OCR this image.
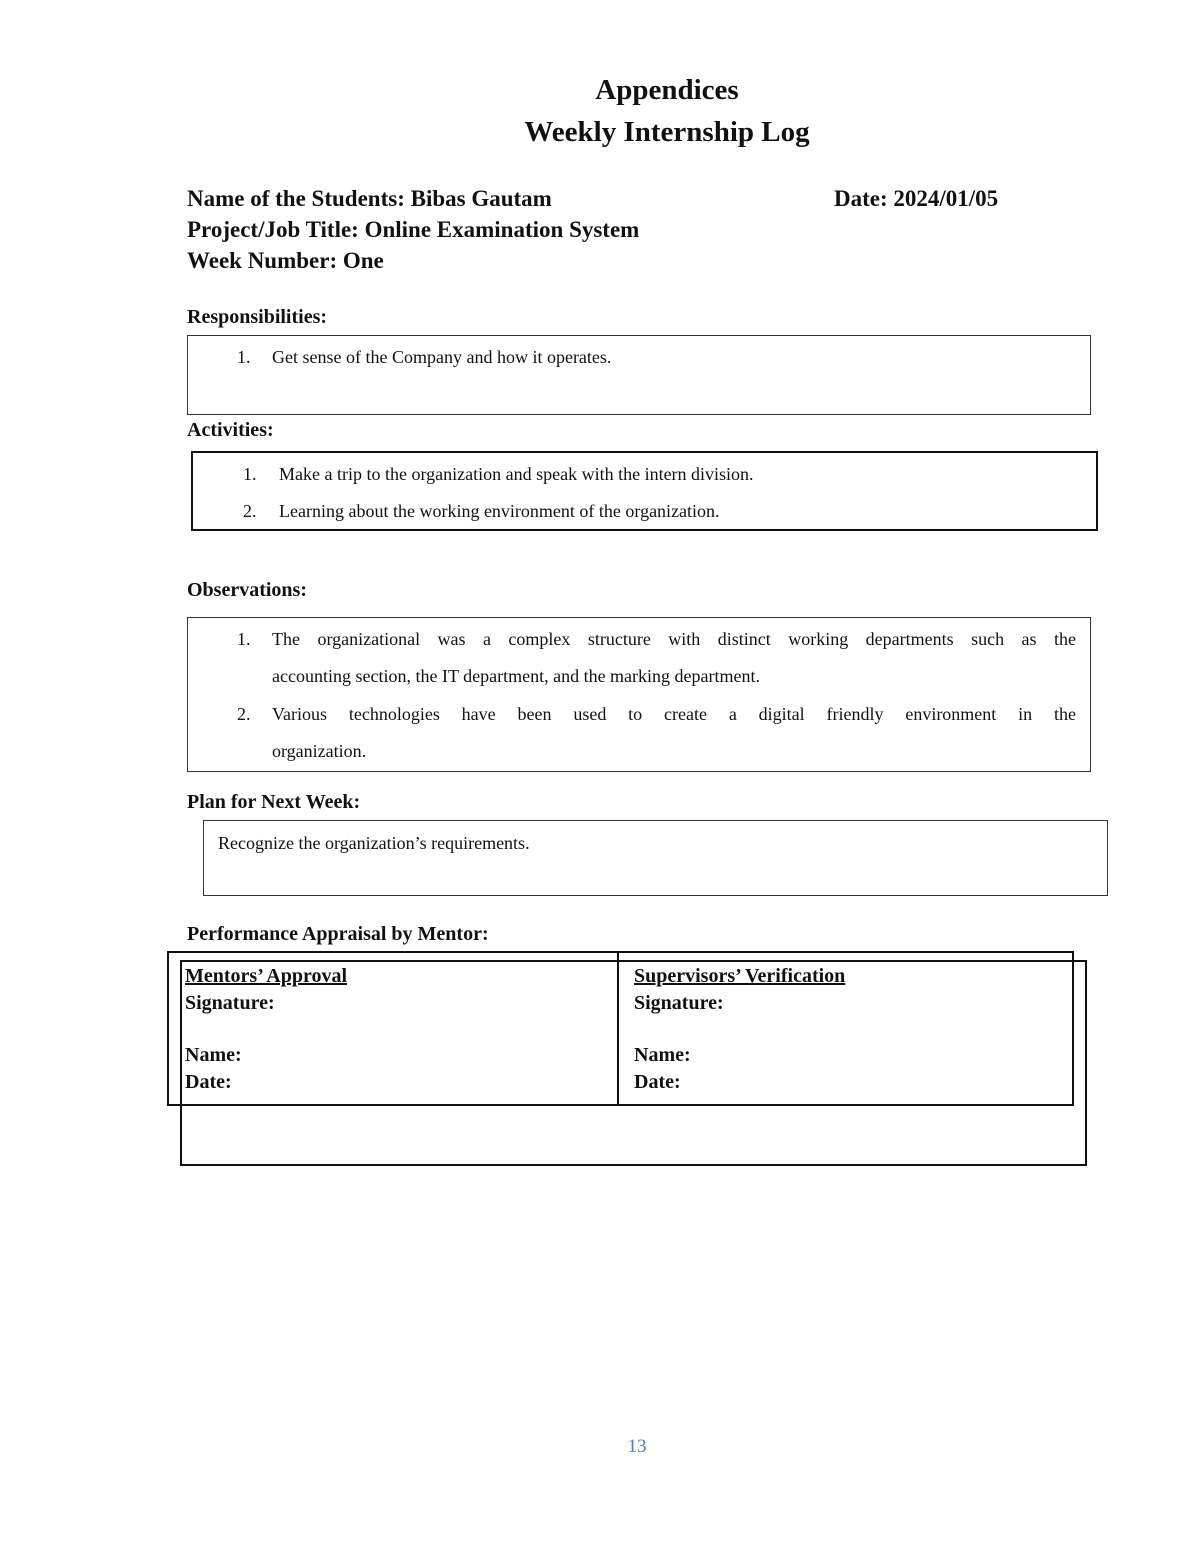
Appendices
Weekly Internship Log
Name of the Students: Bibas Gautam	Date: 2024/01/05
Project/Job Title: Online Examination System
Week Number: One
Responsibilities:
1. Get sense of the Company and how it operates.
Activities:
1. Make a trip to the organization and speak with the intern division.
2. Learning about the working environment of the organization.
Observations:
1. The organizational was a complex structure with distinct working departments such as the
accounting section, the IT department, and the marking department.
2. Various technologies have been used to create a digital friendly environment in the
organization.
Plan for Next Week:
Recognize the organization’s requirements.
Performance Appraisal by Mentor:
Mentors’ Approval
Signature:
Name:
Date:
Supervisors’ Verification
Signature:
Name:
Date:
13
